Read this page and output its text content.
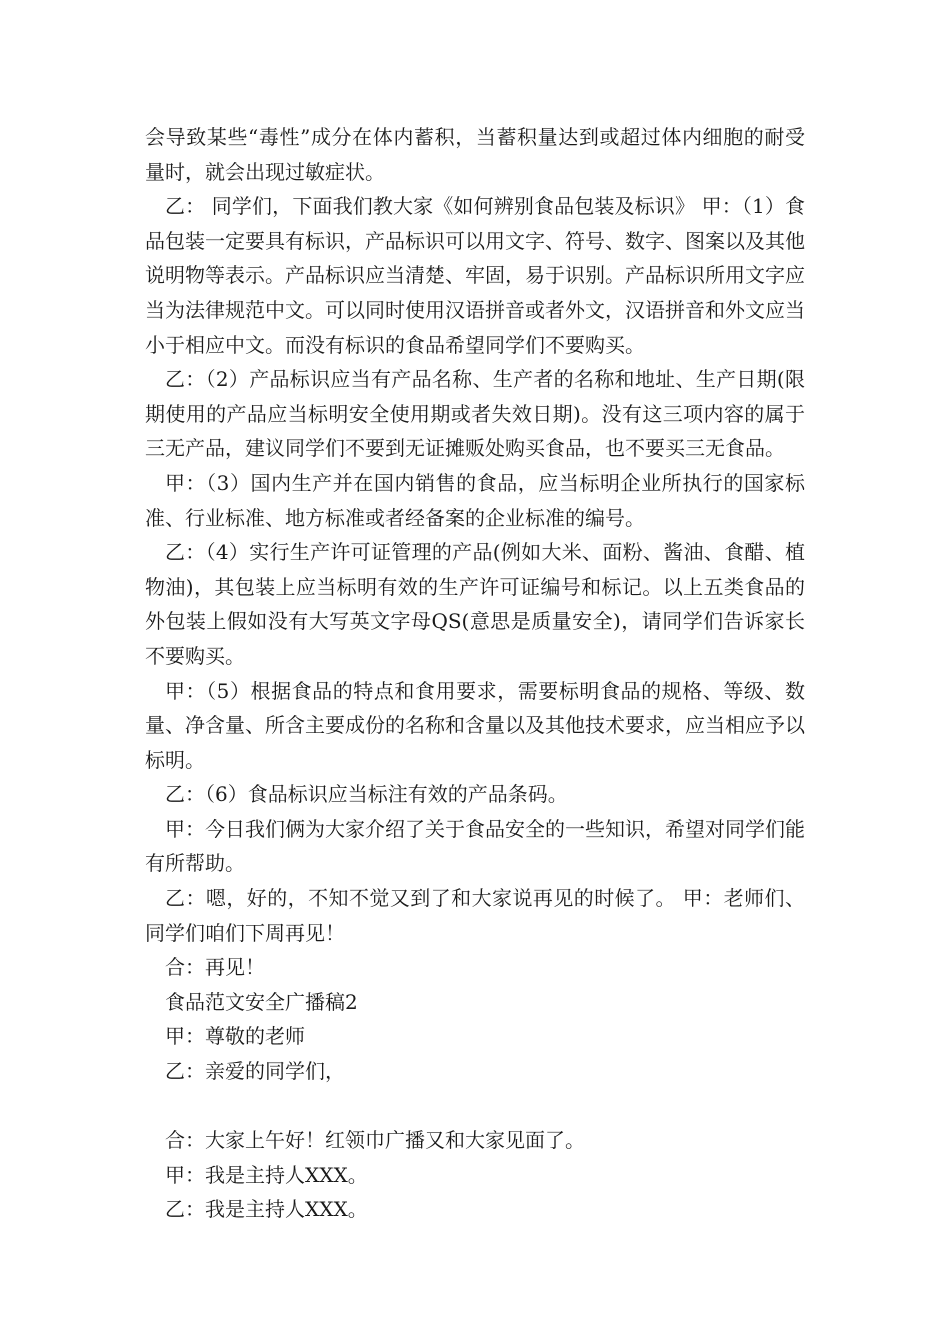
会导致某些“毒性”成分在体内蓄积，当蓄积量达到或超过体内细胞的耐受量时，就会出现过敏症状。

乙： 同学们，下面我们教大家《如何辨别食品包装及标识》 甲：（1）食品包装一定要具有标识，产品标识可以用文字、符号、数字、图案以及其他说明物等表示。产品标识应当清楚、牢固，易于识别。产品标识所用文字应当为法律规范中文。可以同时使用汉语拼音或者外文，汉语拼音和外文应当小于相应中文。而没有标识的食品希望同学们不要购买。

乙：（2）产品标识应当有产品名称、生产者的名称和地址、生产日期(限期使用的产品应当标明安全使用期或者失效日期)。没有这三项内容的属于三无产品，建议同学们不要到无证摊贩处购买食品，也不要买三无食品。

甲：（3）国内生产并在国内销售的食品，应当标明企业所执行的国家标准、行业标准、地方标准或者经备案的企业标准的编号。

乙：（4）实行生产许可证管理的产品(例如大米、面粉、酱油、食醋、植物油)，其包装上应当标明有效的生产许可证编号和标记。以上五类食品的外包装上假如没有大写英文字母QS(意思是质量安全)，请同学们告诉家长不要购买。

甲：（5）根据食品的特点和食用要求，需要标明食品的规格、等级、数量、净含量、所含主要成份的名称和含量以及其他技术要求，应当相应予以标明。

乙：（6）食品标识应当标注有效的产品条码。

甲：今日我们俩为大家介绍了关于食品安全的一些知识，希望对同学们能有所帮助。

乙：嗯，好的，不知不觉又到了和大家说再见的时候了。 甲：老师们、同学们咱们下周再见！

合：再见！

食品范文安全广播稿2

甲：尊敬的老师

乙：亲爱的同学们，

合：大家上午好！红领巾广播又和大家见面了。

甲：我是主持人XXX。

乙：我是主持人XXX。
